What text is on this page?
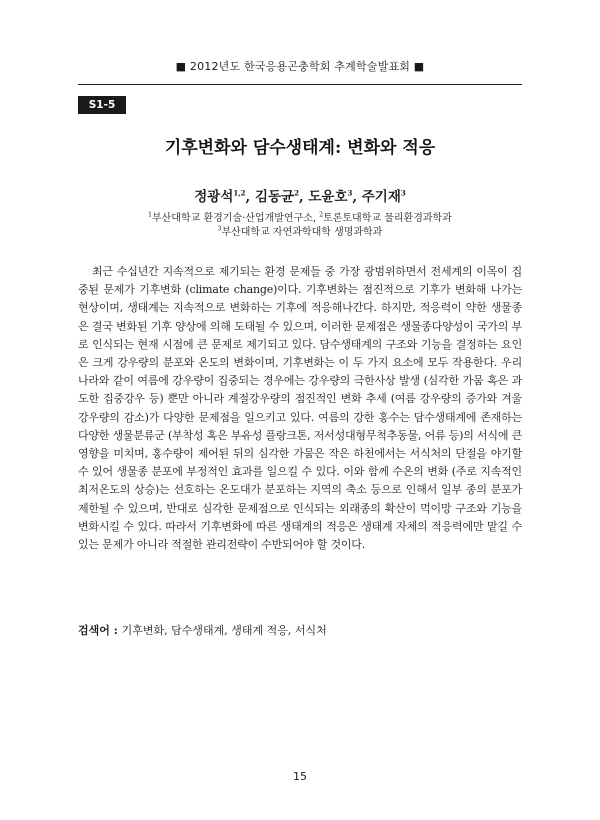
■ 2012년도 한국응용곤충학회 추계학술발표회 ■
S1-5
기후변화와 담수생태계: 변화와 적응
정광석$^{1,2}$, 김동균$^2$, 도윤호$^3$, 주기재$^3$
$^1$부산대학교 환경기술·산업개발연구소, $^2$토론토대학교 물리환경과학과
$^3$부산대학교 자연과학대학 생명과학과

최근 수십년간 지속적으로 제기되는 환경 문제들 중 가장 광범위하면서 전세계의 이목이 집중된 문제가 기후변화 (climate change)이다. 기후변화는 점진적으로 기후가 변화해 나가는 현상이며, 생태계는 지속적으로 변화하는 기후에 적응해나간다. 하지만, 적응력이 약한 생물종은 결국 변화된 기후 양상에 의해 도태될 수 있으며, 이러한 문제점은 생물종다양성이 국가의 부로 인식되는 현재 시점에 큰 문제로 제기되고 있다. 담수생태계의 구조와 기능을 결정하는 요인은 크게 강우량의 분포와 온도의 변화이며, 기후변화는 이 두 가지 요소에 모두 작용한다. 우리나라와 같이 여름에 강우량이 집중되는 경우에는 강우량의 극한사상 발생 (심각한 가뭄 혹은 과도한 집중강우 등) 뿐만 아니라 계절강우량의 점진적인 변화 추세 (여름 강우량의 증가와 겨울 강우량의 감소)가 다양한 문제점을 일으키고 있다. 여름의 강한 홍수는 담수생태계에 존재하는 다양한 생물분류군 (부착성 혹은 부유성 플랑크톤, 저서성대형무척추동물, 어류 등)의 서식에 큰 영향을 미치며, 홍수량이 제어된 뒤의 심각한 가뭄은 작은 하천에서는 서식처의 단절을 야기할 수 있어 생물종 분포에 부정적인 효과를 일으킬 수 있다. 이와 함께 수온의 변화 (주로 지속적인 최저온도의 상승)는 선호하는 온도대가 분포하는 지역의 축소 등으로 인해서 일부 종의 분포가 제한될 수 있으며, 반대로 심각한 문제점으로 인식되는 외래종의 확산이 먹이망 구조와 기능을 변화시킬 수 있다. 따라서 기후변화에 따른 생태계의 적응은 생태계 자체의 적응력에만 맡길 수 있는 문제가 아니라 적절한 관리전략이 수반되어야 할 것이다.

검색어 : 기후변화, 담수생태계, 생태계 적응, 서식처
15
